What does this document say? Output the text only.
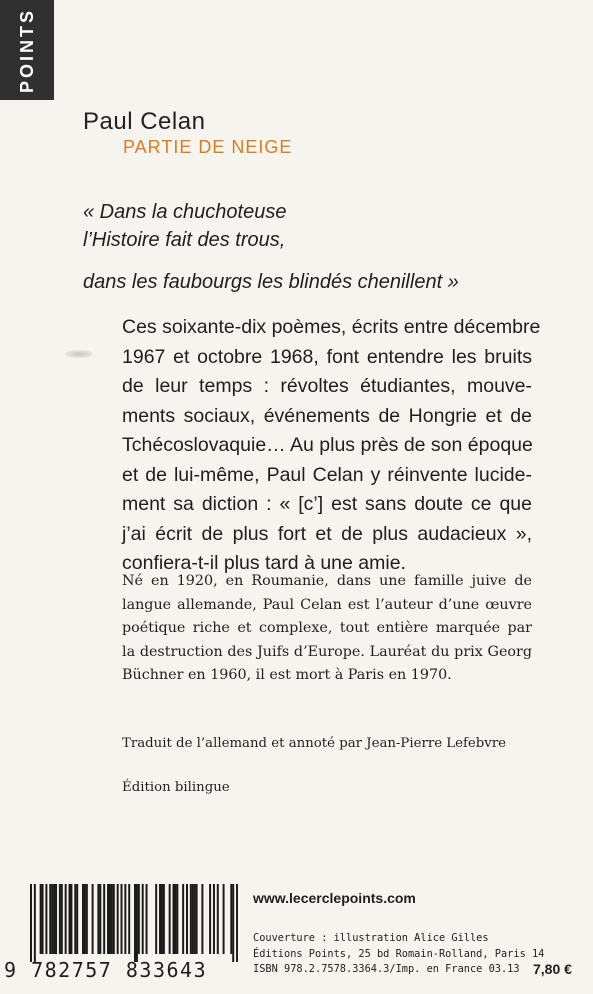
POINTS
Paul Celan
PARTIE DE NEIGE
« Dans la chuchoteuse
l’Histoire fait des trous,
dans les faubourgs les blindés chenillent »
Ces soixante-dix poèmes, écrits entre décembre
1967 et octobre 1968, font entendre les bruits
de leur temps : révoltes étudiantes, mouve-
ments sociaux, événements de Hongrie et de
Tchécoslovaquie… Au plus près de son époque
et de lui-même, Paul Celan y réinvente lucide-
ment sa diction : « [c’] est sans doute ce que
j’ai écrit de plus fort et de plus audacieux »,
confiera-t-il plus tard à une amie.
Né en 1920, en Roumanie, dans une famille juive de
langue allemande, Paul Celan est l’auteur d’une œuvre
poétique riche et complexe, tout entière marquée par
la destruction des Juifs d’Europe. Lauréat du prix Georg
Büchner en 1960, il est mort à Paris en 1970.
Traduit de l’allemand et annoté par Jean-Pierre Lefebvre
Édition bilingue
www.lecerclepoints.com
9 782757 833643
Couverture : illustration Alice Gilles
Éditions Points, 25 bd Romain-Rolland, Paris 14
ISBN 978.2.7578.3364.3/Imp. en France 03.13 7,80 €
